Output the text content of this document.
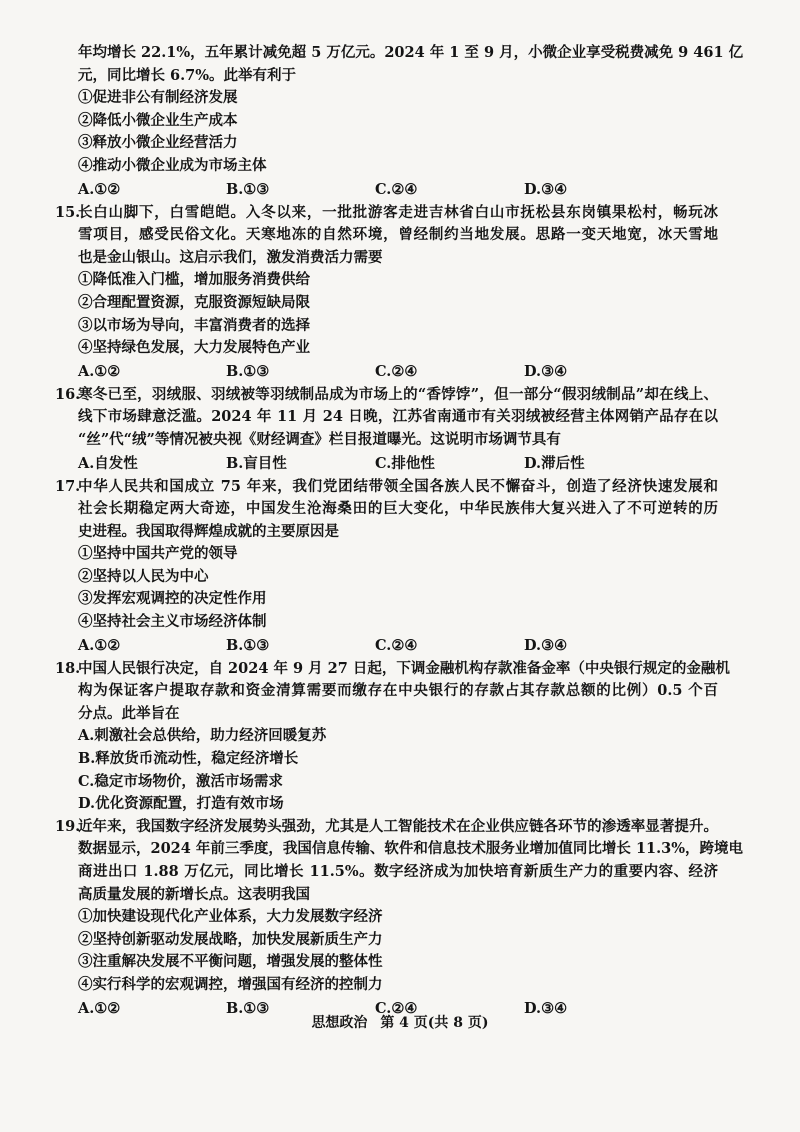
年均增长 22.1%，五年累计减免超 5 万亿元。2024 年 1 至 9 月，小微企业享受税费减免 9 461 亿
元，同比增长 6.7%。此举有利于
①促进非公有制经济发展
②降低小微企业生产成本
③释放小微企业经营活力
④推动小微企业成为市场主体
A.①②	B.①③	C.②④	D.③④
15.
长白山脚下，白雪皑皑。入冬以来，一批批游客走进吉林省白山市抚松县东岗镇果松村，畅玩冰
雪项目，感受民俗文化。天寒地冻的自然环境，曾经制约当地发展。思路一变天地宽，冰天雪地
也是金山银山。这启示我们，激发消费活力需要
①降低准入门槛，增加服务消费供给
②合理配置资源，克服资源短缺局限
③以市场为导向，丰富消费者的选择
④坚持绿色发展，大力发展特色产业
A.①②	B.①③	C.②④	D.③④
16.
寒冬已至，羽绒服、羽绒被等羽绒制品成为市场上的“香饽饽”，但一部分“假羽绒制品”却在线上、
线下市场肆意泛滥。2024 年 11 月 24 日晚，江苏省南通市有关羽绒被经营主体网销产品存在以
“丝”代“绒”等情况被央视《财经调查》栏目报道曝光。这说明市场调节具有
A.自发性	B.盲目性	C.排他性	D.滞后性
17.
中华人民共和国成立 75 年来，我们党团结带领全国各族人民不懈奋斗，创造了经济快速发展和
社会长期稳定两大奇迹，中国发生沧海桑田的巨大变化，中华民族伟大复兴进入了不可逆转的历
史进程。我国取得辉煌成就的主要原因是
①坚持中国共产党的领导
②坚持以人民为中心
③发挥宏观调控的决定性作用
④坚持社会主义市场经济体制
A.①②	B.①③	C.②④	D.③④
18.
中国人民银行决定，自 2024 年 9 月 27 日起，下调金融机构存款准备金率（中央银行规定的金融机
构为保证客户提取存款和资金清算需要而缴存在中央银行的存款占其存款总额的比例）0.5 个百
分点。此举旨在
A.刺激社会总供给，助力经济回暖复苏
B.释放货币流动性，稳定经济增长
C.稳定市场物价，激活市场需求
D.优化资源配置，打造有效市场
19.
近年来，我国数字经济发展势头强劲，尤其是人工智能技术在企业供应链各环节的渗透率显著提升。
数据显示，2024 年前三季度，我国信息传输、软件和信息技术服务业增加值同比增长 11.3%，跨境电
商进出口 1.88 万亿元，同比增长 11.5%。数字经济成为加快培育新质生产力的重要内容、经济
高质量发展的新增长点。这表明我国
①加快建设现代化产业体系，大力发展数字经济
②坚持创新驱动发展战略，加快发展新质生产力
③注重解决发展不平衡问题，增强发展的整体性
④实行科学的宏观调控，增强国有经济的控制力
A.①②	B.①③	C.②④	D.③④
思想政治 第 4 页(共 8 页)
